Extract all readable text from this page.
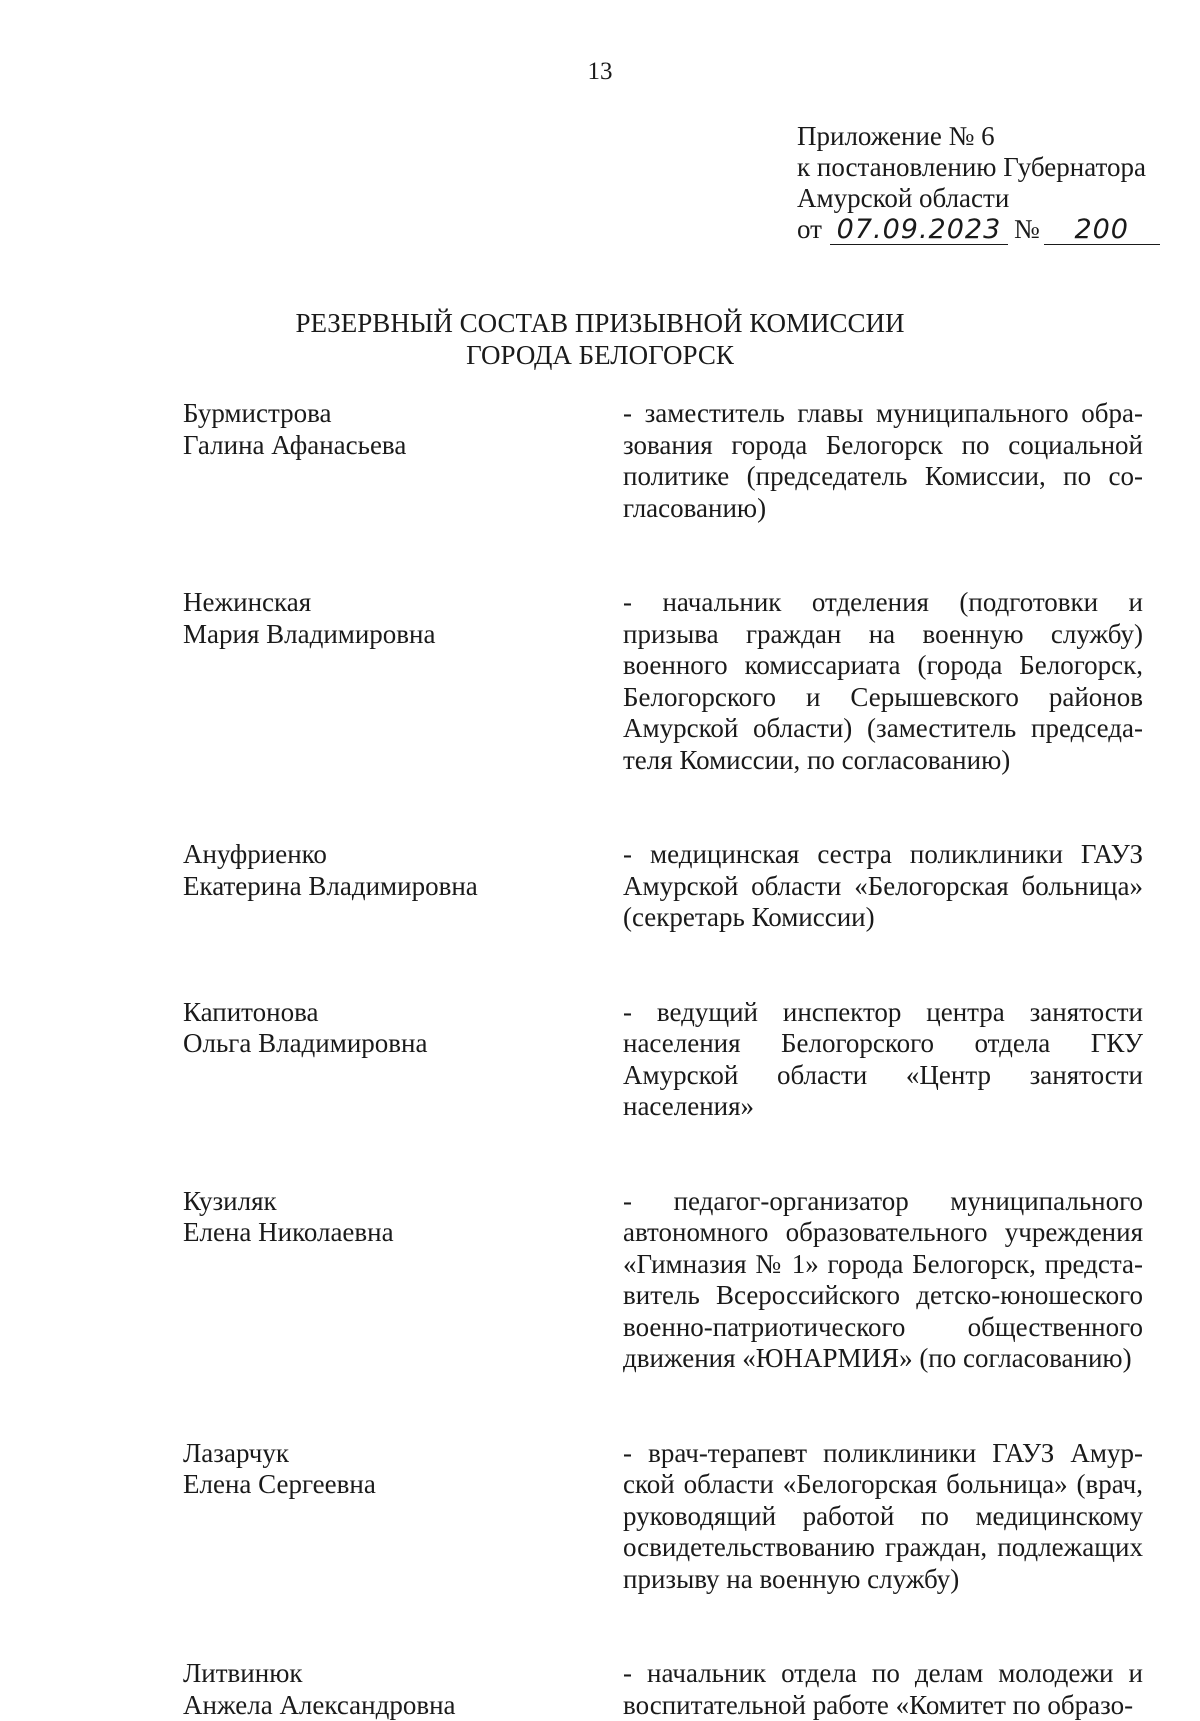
13
Приложение № 6
к постановлению Губернатора
Амурской области
от 07.09.2023 №	200
РЕЗЕРВНЫЙ СОСТАВ ПРИЗЫВНОЙ КОМИССИИ
ГОРОДА БЕЛОГОРСК
Бурмистрова
Галина Афанасьева
- заместитель главы муниципального образования города Белогорск по социальной политике (председатель Комиссии, по согласованию)
Нежинская
Мария Владимировна
- начальник отделения (подготовки и призыва граждан на военную службу) военного комиссариата (города Белогорск, Белогорского и Серышевского районов Амурской области) (заместитель председателя Комиссии, по согласованию)
Ануфриенко
Екатерина Владимировна
- медицинская сестра поликлиники ГАУЗ Амурской области «Белогорская больница» (секретарь Комиссии)
Капитонова
Ольга Владимировна
- ведущий инспектор центра занятости населения Белогорского отдела ГКУ Амурской области «Центр занятости населения»
Кузиляк
Елена Николаевна
- педагог-организатор муниципального автономного образовательного учреждения «Гимназия № 1» города Белогорск, представитель Всероссийского детско-юношеского военно-патриотического общественного движения «ЮНАРМИЯ» (по согласованию)
Лазарчук
Елена Сергеевна
- врач-терапевт поликлиники ГАУЗ Амурской области «Белогорская больница» (врач, руководящий работой по медицинскому освидетельствованию граждан, подлежащих призыву на военную службу)
Литвинюк
Анжела Александровна
- начальник отдела по делам молодежи и воспитательной работе «Комитет по образо-
